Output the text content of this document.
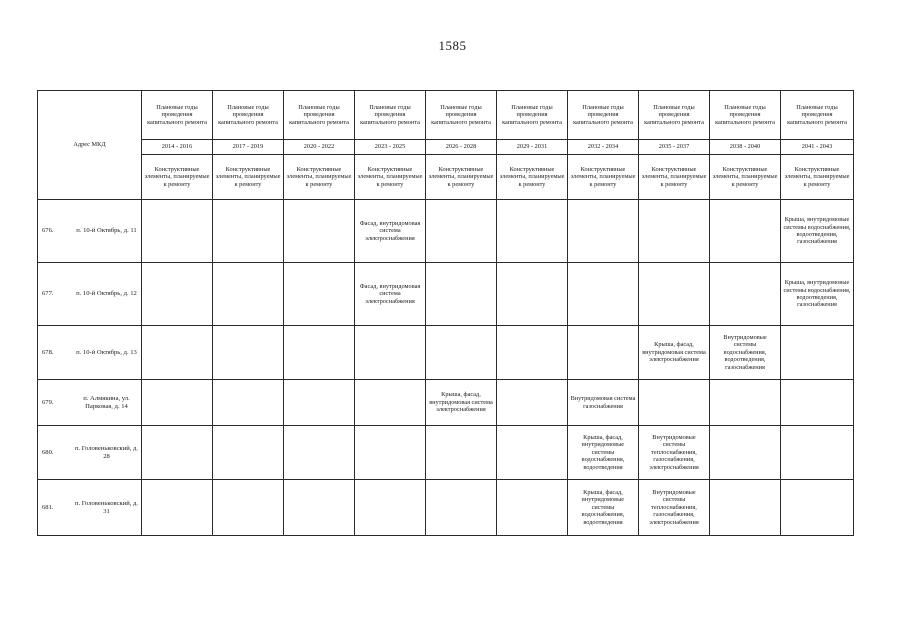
1585
Адрес МКД	Плановые годы проведения капитального ремонта	Плановые годы проведения капитального ремонта	Плановые годы проведения капитального ремонта	Плановые годы проведения капитального ремонта	Плановые годы проведения капитального ремонта	Плановые годы проведения капитального ремонта	Плановые годы проведения капитального ремонта	Плановые годы проведения капитального ремонта	Плановые годы проведения капитального ремонта	Плановые годы проведения капитального ремонта
	2014 - 2016	2017 - 2019	2020 - 2022	2023 - 2025	2026 - 2028	2029 - 2031	2032 - 2034	2035 - 2037	2038 - 2040	2041 - 2043
	Конструктивные элементы, планируемые к ремонту	Конструктивные элементы, планируемые к ремонту	Конструктивные элементы, планируемые к ремонту	Конструктивные элементы, планируемые к ремонту	Конструктивные элементы, планируемые к ремонту	Конструктивные элементы, планируемые к ремонту	Конструктивные элементы, планируемые к ремонту	Конструктивные элементы, планируемые к ремонту	Конструктивные элементы, планируемые к ремонту	Конструктивные элементы, планируемые к ремонту

676. п. 10-й Октябрь, д. 11				Фасад, внутридомовая система электроснабжения						Крыша, внутридомовые системы водоснабжения, водоотведения, газоснабжения

677. п. 10-й Октябрь, д. 12				Фасад, внутридомовая система электроснабжения						Крыша, внутридомовые системы водоснабжения, водоотведения, газоснабжения

678. п. 10-й Октябрь, д. 13								Крыша, фасад, внутридомовая система электроснабжения	Внутридомовые системы водоснабжения, водоотведения, газоснабжения	

679.
п. Алмякина, ул. Парковая, д. 14					Крыша, фасад, внутридомовая система электроснабжения		Внутридомовая система газоснабжения			

680.
п. Головеньковский, д. 28							Крыша, фасад, внутридомовые системы водоснабжения, водоотведения	Внутридомовые системы теплоснабжения, газоснабжения, электроснабжения		

681.
п. Головеньковский, д. 31							Крыша, фасад, внутридомовые системы водоснабжения, водоотведения	Внутридомовые системы теплоснабжения, газоснабжения, электроснабжения		
